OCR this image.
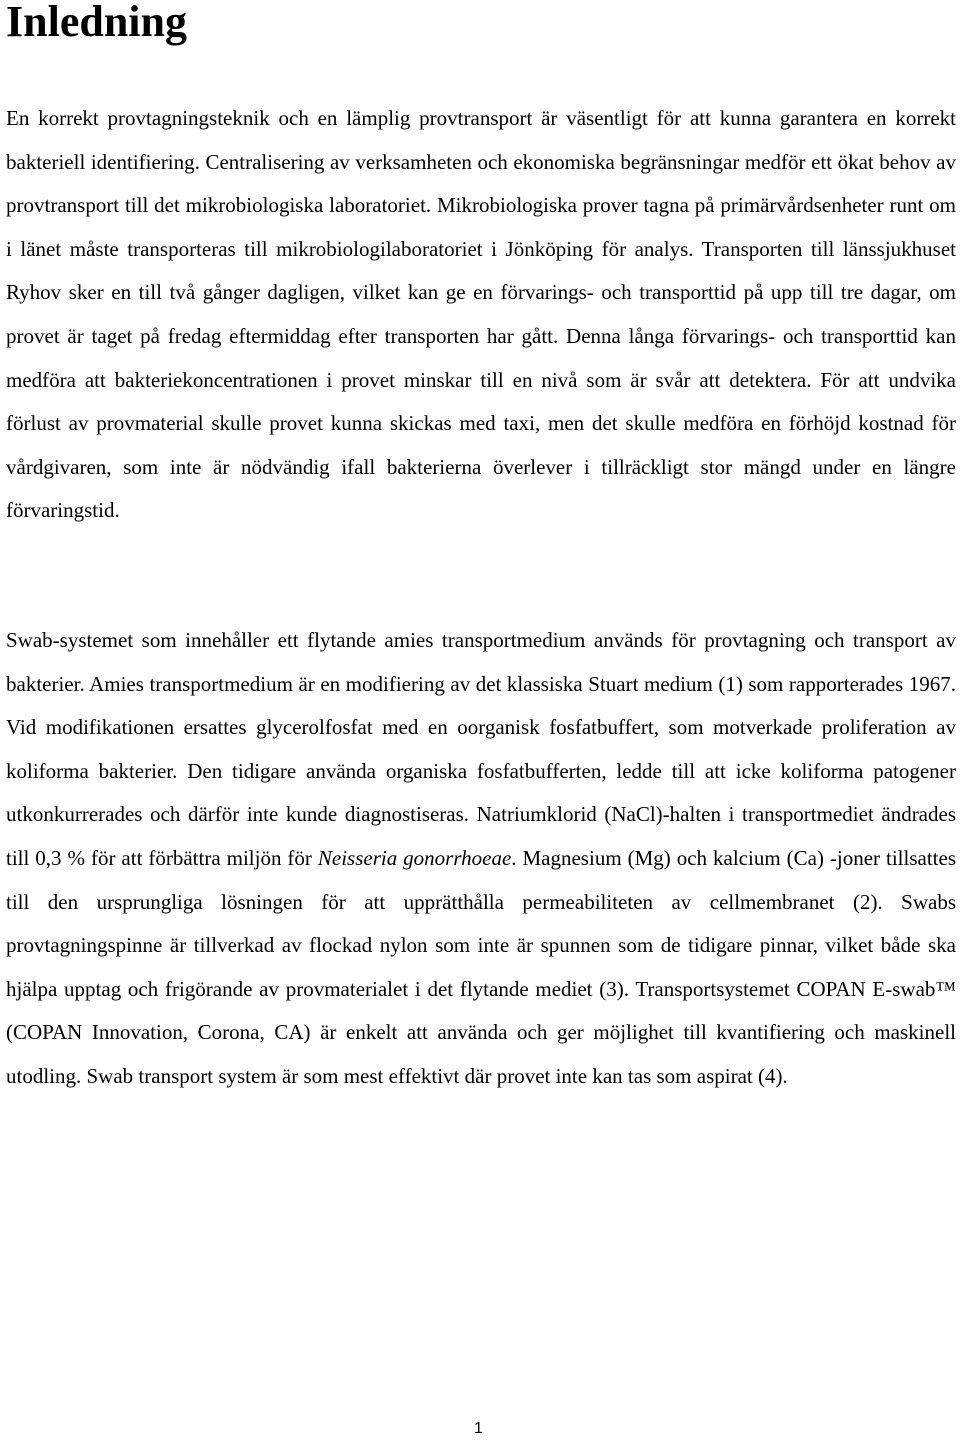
Inledning

En korrekt provtagningsteknik och en lämplig provtransport är väsentligt för att kunna garantera en korrekt bakteriell identifiering. Centralisering av verksamheten och ekonomiska begränsningar medför ett ökat behov av provtransport till det mikrobiologiska laboratoriet. Mikrobiologiska prover tagna på primärvårdsenheter runt om i länet måste transporteras till mikrobiologilaboratoriet i Jönköping för analys. Transporten till länssjukhuset Ryhov sker en till två gånger dagligen, vilket kan ge en förvarings- och transporttid på upp till tre dagar, om provet är taget på fredag eftermiddag efter transporten har gått. Denna långa förvarings- och transporttid kan medföra att bakteriekoncentrationen i provet minskar till en nivå som är svår att detektera. För att undvika förlust av provmaterial skulle provet kunna skickas med taxi, men det skulle medföra en förhöjd kostnad för vårdgivaren, som inte är nödvändig ifall bakterierna överlever i tillräckligt stor mängd under en längre förvaringstid.

Swab-systemet som innehåller ett flytande amies transportmedium används för provtagning och transport av bakterier. Amies transportmedium är en modifiering av det klassiska Stuart medium (1) som rapporterades 1967. Vid modifikationen ersattes glycerolfosfat med en oorganisk fosfatbuffert, som motverkade proliferation av koliforma bakterier. Den tidigare använda organiska fosfatbufferten, ledde till att icke koliforma patogener utkonkurrerades och därför inte kunde diagnostiseras. Natriumklorid (NaCl)-halten i transportmediet ändrades till 0,3 % för att förbättra miljön för Neisseria gonorrhoeae. Magnesium (Mg) och kalcium (Ca) -joner tillsattes till den ursprungliga lösningen för att upprätthålla permeabiliteten av cellmembranet (2). Swabs provtagningspinne är tillverkad av flockad nylon som inte är spunnen som de tidigare pinnar, vilket både ska hjälpa upptag och frigörande av provmaterialet i det flytande mediet (3). Transportsystemet COPAN E-swab™ (COPAN Innovation, Corona, CA) är enkelt att använda och ger möjlighet till kvantifiering och maskinell utodling. Swab transport system är som mest effektivt där provet inte kan tas som aspirat (4).

1
